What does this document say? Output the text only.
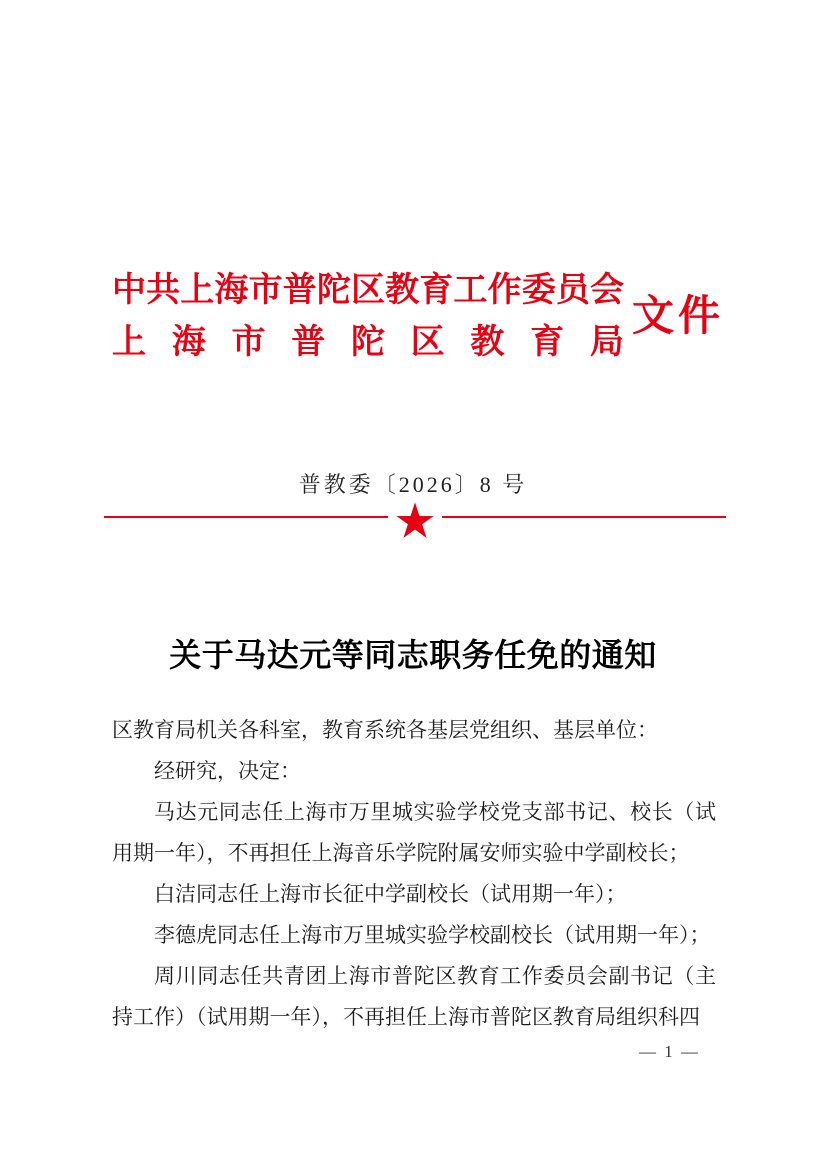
中 共 上 海 市 普 陀 区 教 育 工 作 委 员 会
上 海 市 普 陀 区 教 育 局
文件
普教委〔2026〕8 号
★
关于马达元等同志职务任免的通知

区教育局机关各科室，教育系统各基层党组织、基层单位：

经研究，决定：

马达元同志任上海市万里城实验学校党支部书记、校长（试用期一年），不再担任上海音乐学院附属安师实验中学副校长；

白洁同志任上海市长征中学副校长（试用期一年）；

李德虎同志任上海市万里城实验学校副校长（试用期一年）；

周川同志任共青团上海市普陀区教育工作委员会副书记（主持工作）（试用期一年），不再担任上海市普陀区教育局组织科四

— 1 —
